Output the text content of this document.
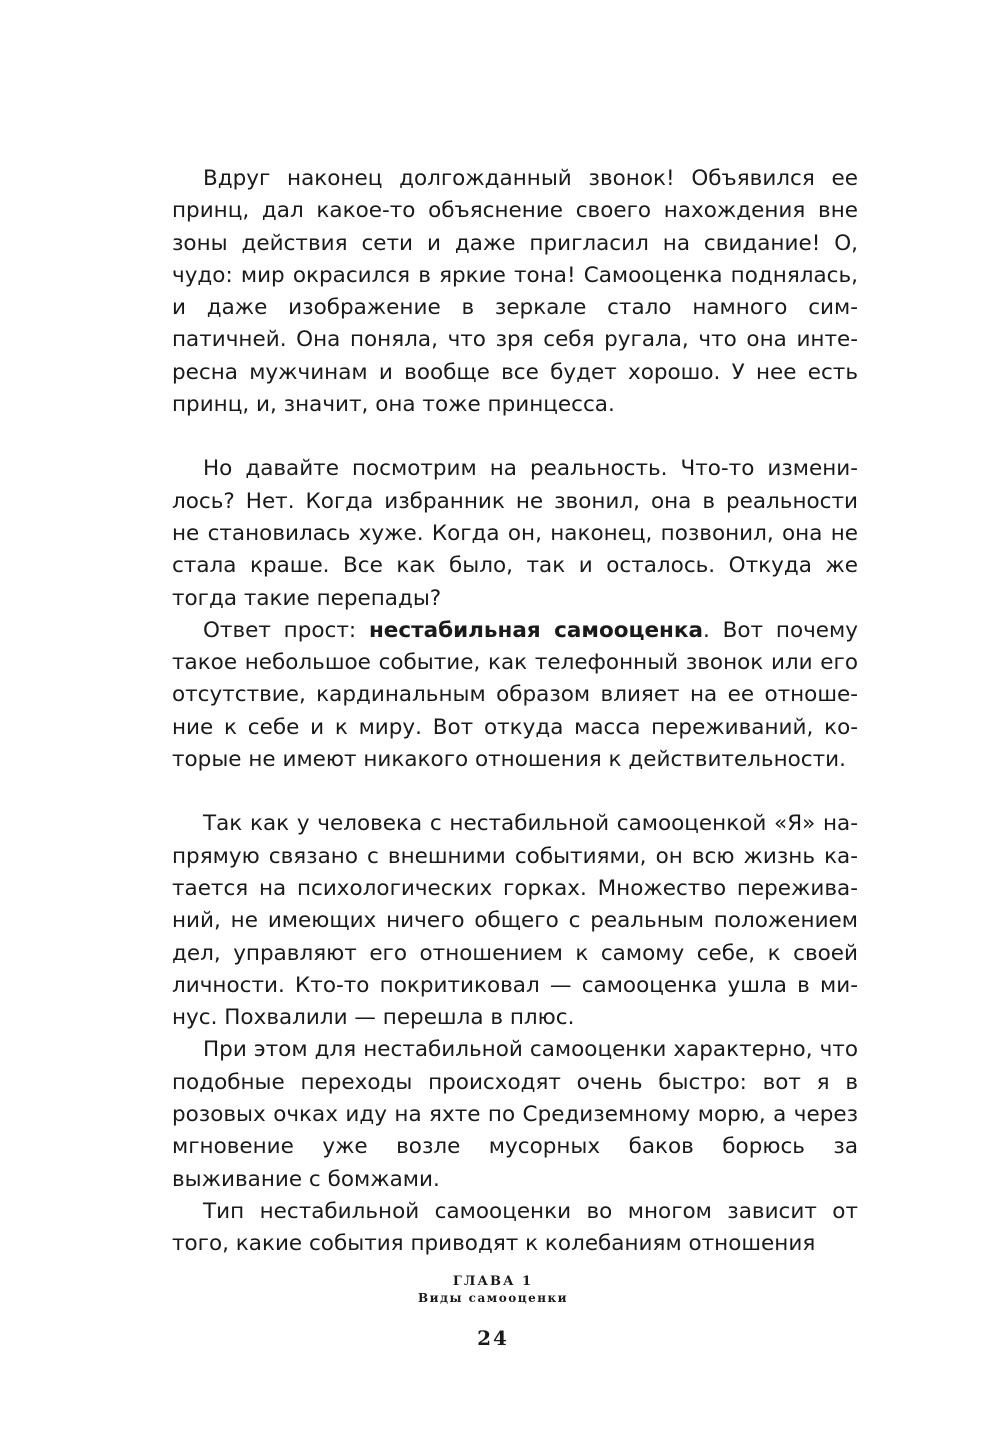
Вдруг наконец долгожданный звонок! Объявился ее принц, дал какое-то объяснение своего нахождения вне зоны действия сети и даже пригласил на свидание! О, чудо: мир окрасился в яркие тона! Самооценка поднялась, и даже изображение в зеркале стало намного симпатичней. Она поняла, что зря себя ругала, что она интересна мужчинам и вообще все будет хорошо. У нее есть принц, и, значит, она тоже принцесса.

Но давайте посмотрим на реальность. Что-то изменилось? Нет. Когда избранник не звонил, она в реальности не становилась хуже. Когда он, наконец, позвонил, она не стала краше. Все как было, так и осталось. Откуда же тогда такие перепады?

Ответ прост: нестабильная самооценка. Вот почему такое небольшое событие, как телефонный звонок или его отсутствие, кардинальным образом влияет на ее отношение к себе и к миру. Вот откуда масса переживаний, которые не имеют никакого отношения к действительности.

Так как у человека с нестабильной самооценкой «Я» напрямую связано с внешними событиями, он всю жизнь катается на психологических горках. Множество переживаний, не имеющих ничего общего с реальным положением дел, управляют его отношением к самому себе, к своей личности. Кто-то покритиковал — самооценка ушла в минус. Похвалили — перешла в плюс.

При этом для нестабильной самооценки характерно, что подобные переходы происходят очень быстро: вот я в розовых очках иду на яхте по Средиземному морю, а через мгновение уже возле мусорных баков борюсь за выживание с бомжами.

Тип нестабильной самооценки во многом зависит от того, какие события приводят к колебаниям отношения

ГЛАВА 1
Виды самооценки
24
